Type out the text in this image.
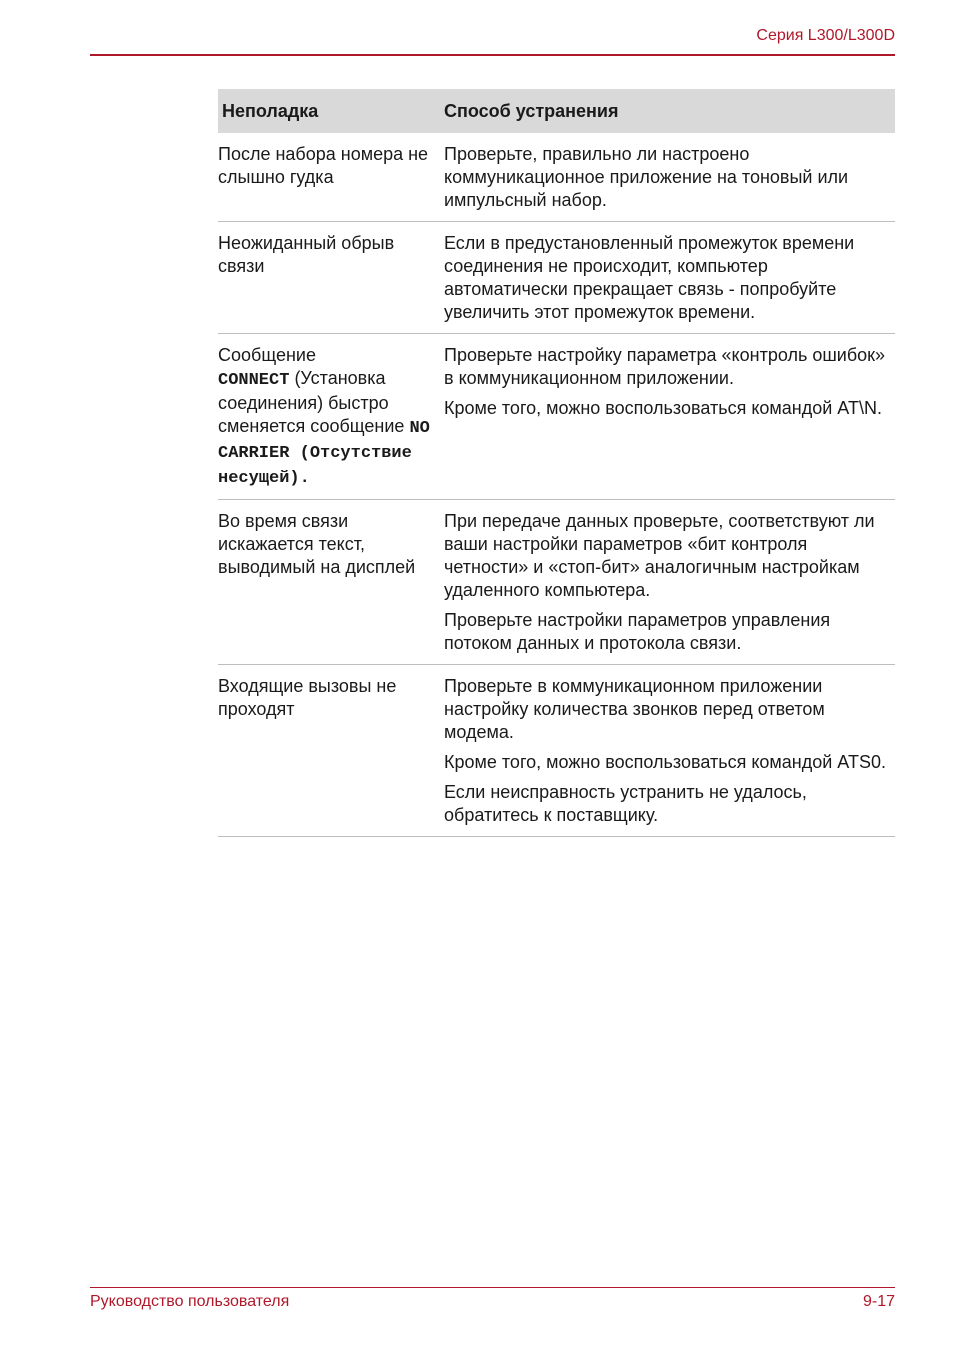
Серия L300/L300D
Неполадка	Способ устранения
После набора номера не слышно гудка
Проверьте, правильно ли настроено коммуникационное приложение на тоновый или импульсный набор.
Неожиданный обрыв связи
Если в предустановленный промежуток времени соединения не происходит, компьютер автоматически прекращает связь - попробуйте увеличить этот промежуток времени.
Сообщение
CONNECT (Установка соединения) быстро сменяется сообщение NO CARRIER (Отсутствие несущей).
Проверьте настройку параметра «контроль ошибок» в коммуникационном приложении.
Кроме того, можно воспользоваться командой AT\N.
Во время связи искажается текст, выводимый на дисплей
При передаче данных проверьте, соответствуют ли ваши настройки параметров «бит контроля четности» и «стоп-бит» аналогичным настройкам удаленного компьютера.
Проверьте настройки параметров управления потоком данных и протокола связи.
Входящие вызовы не проходят
Проверьте в коммуникационном приложении настройку количества звонков перед ответом модема.
Кроме того, можно воспользоваться командой ATS0.
Если неисправность устранить не удалось, обратитесь к поставщику.
Руководство пользователя	9-17
